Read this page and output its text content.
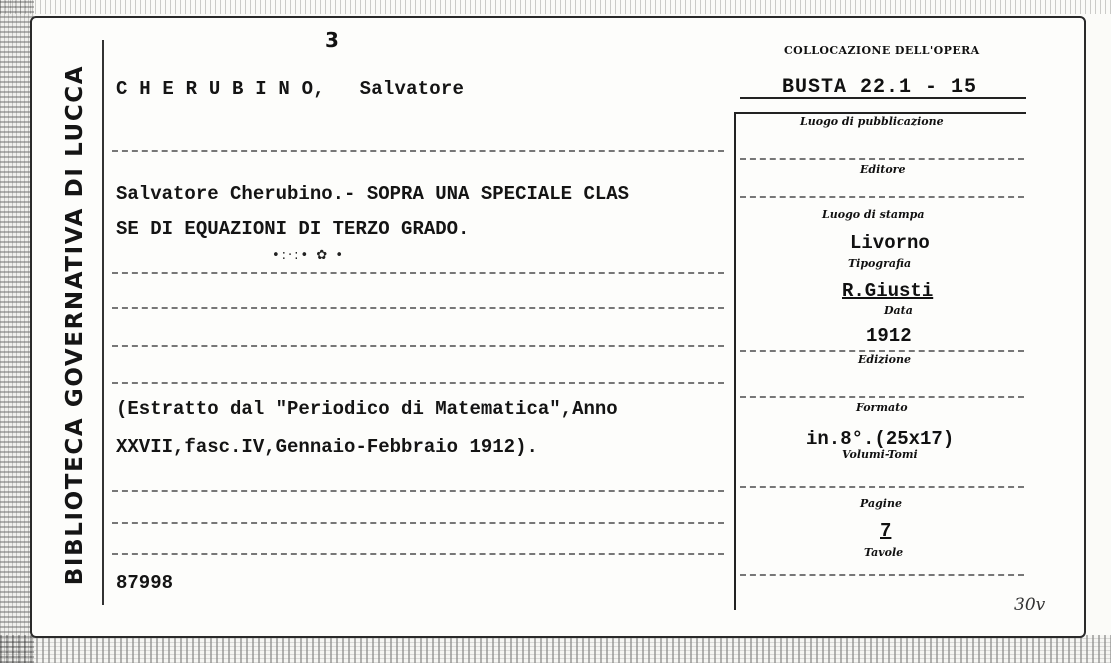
BIBLIOTECA GOVERNATIVA DI LUCCA
3
C H E R U B I N O, Salvatore
Salvatore Cherubino.- SOPRA UNA SPECIALE CLAS
SE DI EQUAZIONI DI TERZO GRADO.
•:·:• ✿ •
(Estratto dal "Periodico di Matematica",Anno
XXVII,fasc.IV,Gennaio-Febbraio 1912).
87998
COLLOCAZIONE DELL'OPERA
BUSTA 22.1 - 15
Luogo di pubblicazione
Editore
Luogo di stampa
Livorno
Tipografia
R.Giusti
Data
1912
Edizione
Formato
in.8°.(25x17)
Volumi-Tomi
Pagine
7
Tavole
30v
